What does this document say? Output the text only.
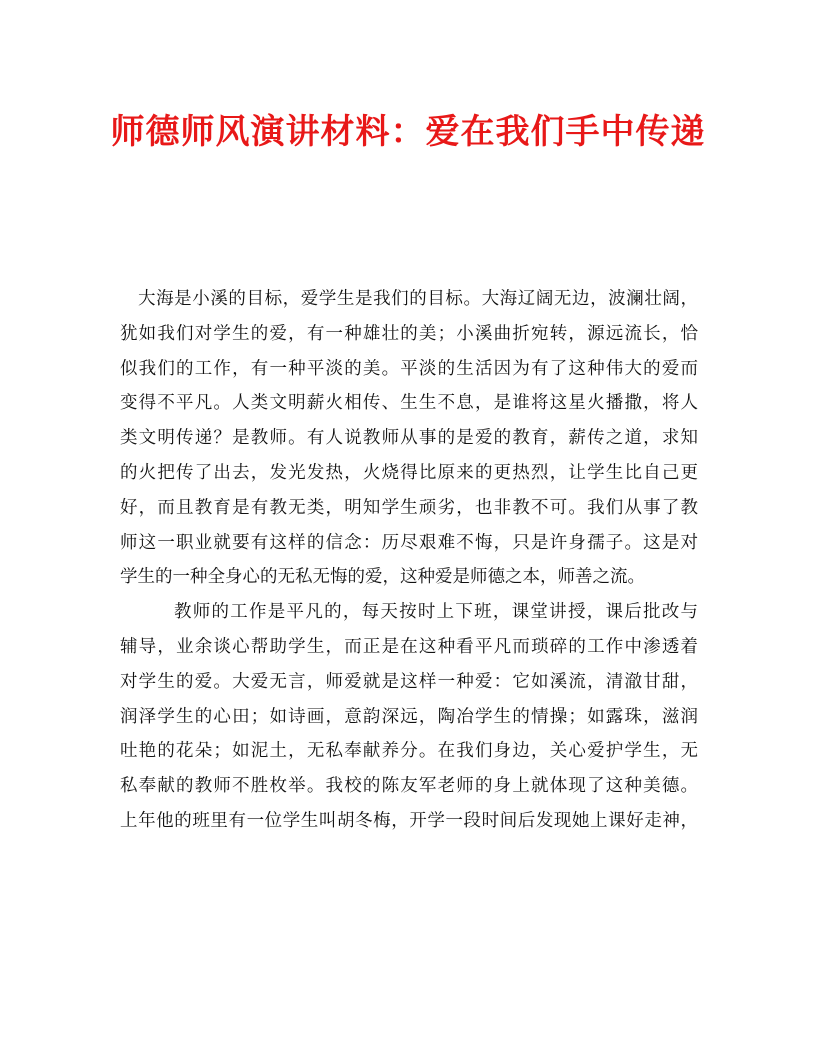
师德师风演讲材料：爱在我们手中传递
大海是小溪的目标，爱学生是我们的目标。大海辽阔无边，波澜壮阔，
犹如我们对学生的爱，有一种雄壮的美；小溪曲折宛转，源远流长，恰
似我们的工作，有一种平淡的美。平淡的生活因为有了这种伟大的爱而
变得不平凡。人类文明薪火相传、生生不息，是谁将这星火播撒，将人
类文明传递？是教师。有人说教师从事的是爱的教育，薪传之道，求知
的火把传了出去，发光发热，火烧得比原来的更热烈，让学生比自己更
好，而且教育是有教无类，明知学生顽劣，也非教不可。我们从事了教
师这一职业就要有这样的信念：历尽艰难不悔，只是许身孺子。这是对
学生的一种全身心的无私无悔的爱，这种爱是师德之本，师善之流。
教师的工作是平凡的，每天按时上下班，课堂讲授，课后批改与
辅导，业余谈心帮助学生，而正是在这种看平凡而琐碎的工作中渗透着
对学生的爱。大爱无言，师爱就是这样一种爱：它如溪流，清澈甘甜，
润泽学生的心田；如诗画，意韵深远，陶冶学生的情操；如露珠，滋润
吐艳的花朵；如泥土，无私奉献养分。在我们身边，关心爱护学生，无
私奉献的教师不胜枚举。我校的陈友军老师的身上就体现了这种美德。
上年他的班里有一位学生叫胡冬梅，开学一段时间后发现她上课好走神，
